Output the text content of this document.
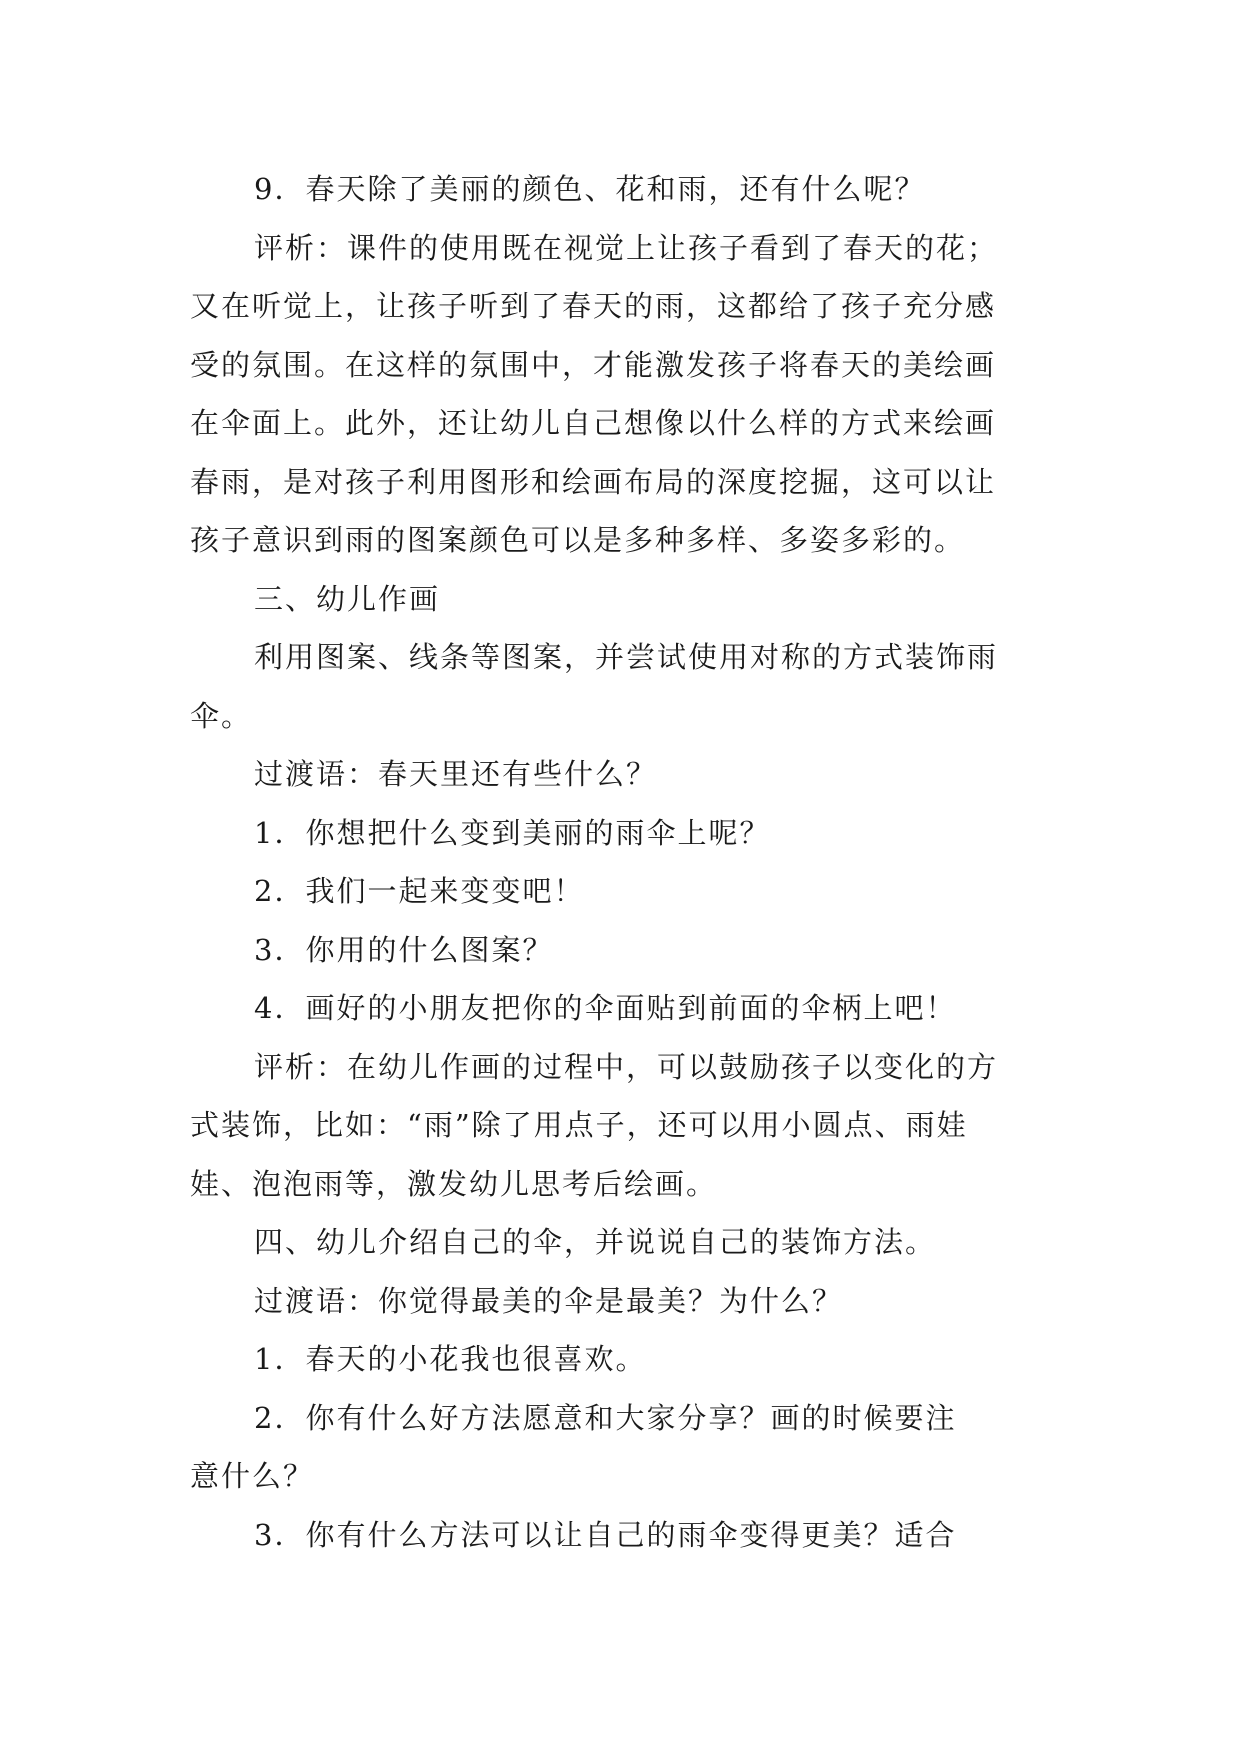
9．春天除了美丽的颜色、花和雨，还有什么呢？

评析：课件的使用既在视觉上让孩子看到了春天的花；

又在听觉上，让孩子听到了春天的雨，这都给了孩子充分感

受的氛围。在这样的氛围中，才能激发孩子将春天的美绘画

在伞面上。此外，还让幼儿自己想像以什么样的方式来绘画

春雨，是对孩子利用图形和绘画布局的深度挖掘，这可以让

孩子意识到雨的图案颜色可以是多种多样、多姿多彩的。

三、幼儿作画

利用图案、线条等图案，并尝试使用对称的方式装饰雨

伞。

过渡语：春天里还有些什么？

1．你想把什么变到美丽的雨伞上呢？

2．我们一起来变变吧！

3．你用的什么图案？

4．画好的小朋友把你的伞面贴到前面的伞柄上吧！

评析：在幼儿作画的过程中，可以鼓励孩子以变化的方

式装饰，比如：“雨”除了用点子，还可以用小圆点、雨娃

娃、泡泡雨等，激发幼儿思考后绘画。

四、幼儿介绍自己的伞，并说说自己的装饰方法。

过渡语：你觉得最美的伞是最美？为什么？

1．春天的小花我也很喜欢。

2．你有什么好方法愿意和大家分享？画的时候要注

意什么？

3．你有什么方法可以让自己的雨伞变得更美？适合
